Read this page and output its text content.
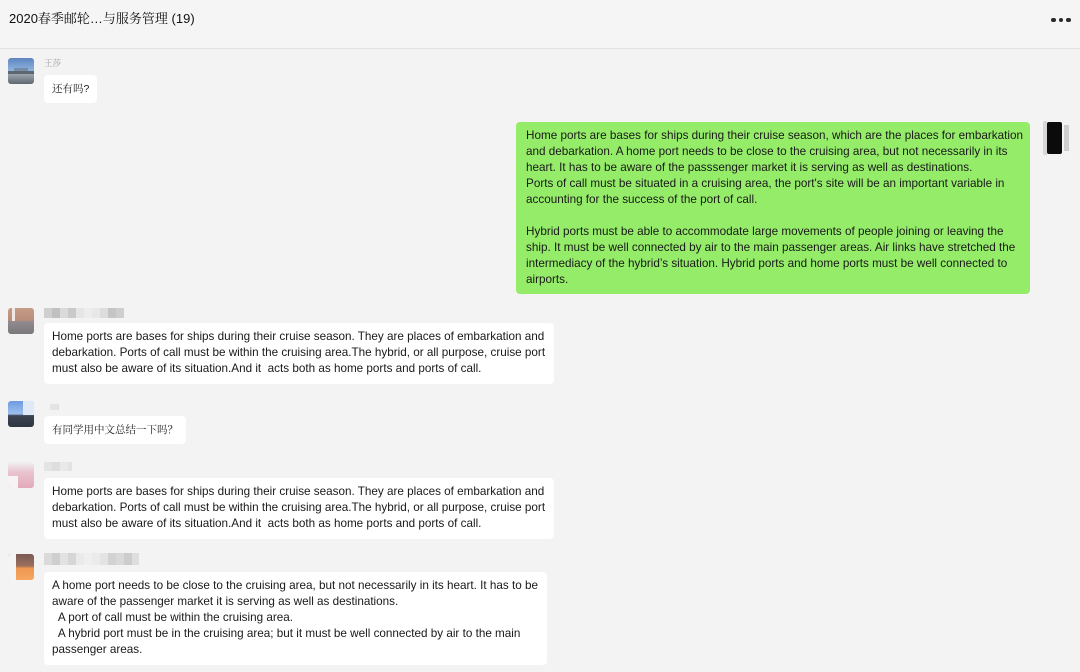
2020春季邮轮…与服务管理 (19)
王莎
还有吗?
Home ports are bases for ships during their cruise season, which are the places for embarkation
and debarkation. A home port needs to be close to the cruising area, but not necessarily in its
heart. It has to be aware of the passsenger market it is serving as well as destinations.
Ports of call must be situated in a cruising area, the port's site will be an important variable in
accounting for the success of the port of call.
Hybrid ports must be able to accommodate large movements of people joining or leaving the
ship. It must be well connected by air to the main passenger areas. Air links have stretched the
intermediacy of the hybrid’s situation. Hybrid ports and home ports must be well connected to
airports.
Home ports are bases for ships during their cruise season. They are places of embarkation and
debarkation. Ports of call must be within the cruising area.The hybrid, or all purpose, cruise port
must also be aware of its situation.And it  acts both as home ports and ports of call.
有同学用中文总结一下吗？
Home ports are bases for ships during their cruise season. They are places of embarkation and
debarkation. Ports of call must be within the cruising area.The hybrid, or all purpose, cruise port
must also be aware of its situation.And it  acts both as home ports and ports of call.
A home port needs to be close to the cruising area, but not necessarily in its heart. It has to be
aware of the passenger market it is serving as well as destinations.
A port of call must be within the cruising area.
A hybrid port must be in the cruising area; but it must be well connected by air to the main
passenger areas.
